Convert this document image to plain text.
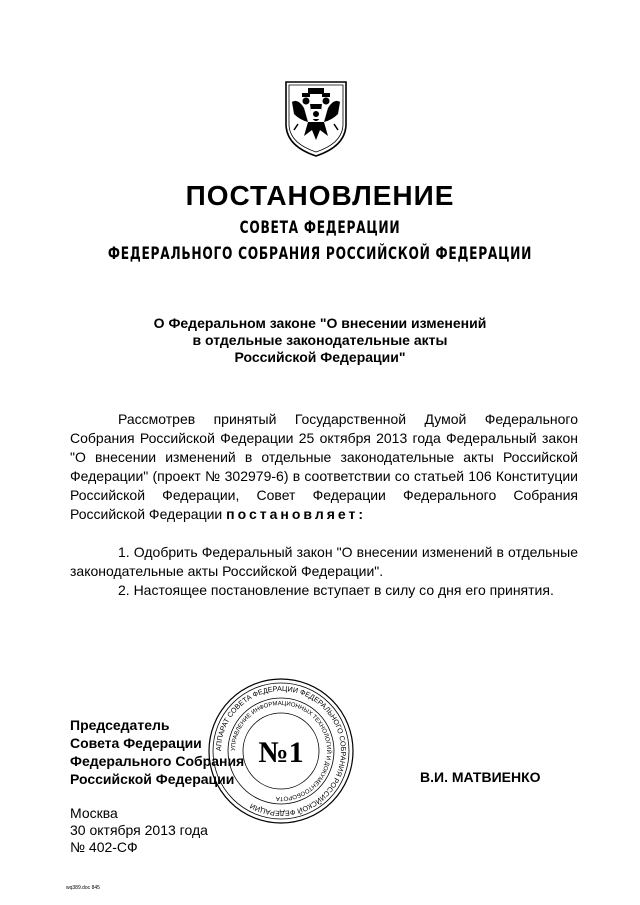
ПОСТАНОВЛЕНИЕ
СОВЕТА ФЕДЕРАЦИИ
ФЕДЕРАЛЬНОГО СОБРАНИЯ РОССИЙСКОЙ ФЕДЕРАЦИИ
О Федеральном законе "О внесении изменений
в отдельные законодательные акты
Российской Федерации"

Рассмотрев принятый Государственной Думой Федерального Собрания Российской Федерации 25 октября 2013 года Федеральный закон "О внесении изменений в отдельные законодательные акты Российской Федерации" (проект № 302979-6) в соответствии со статьей 106 Конституции Российской Федерации, Совет Федерации Федерального Собрания Российской Федерации постановляет:

1. Одобрить Федеральный закон "О внесении изменений в отдельные законодательные акты Российской Федерации".

2. Настоящее постановление вступает в силу со дня его принятия.

Председатель
Совета Федерации
Федерального Собрания
Российской Федерации
АППАРАТ СОВЕТА ФЕДЕРАЦИИ ФЕДЕРАЛЬНОГО СОБРАНИЯ РОССИЙСКОЙ ФЕДЕРАЦИИ
УПРАВЛЕНИЕ ИНФОРМАЦИОННЫХ ТЕХНОЛОГИЙ И ДОКУМЕНТООБОРОТА
№1
В.И. МАТВИЕНКО
Москва
30 октября 2013 года
№ 402-СФ
wq389.doc 845
